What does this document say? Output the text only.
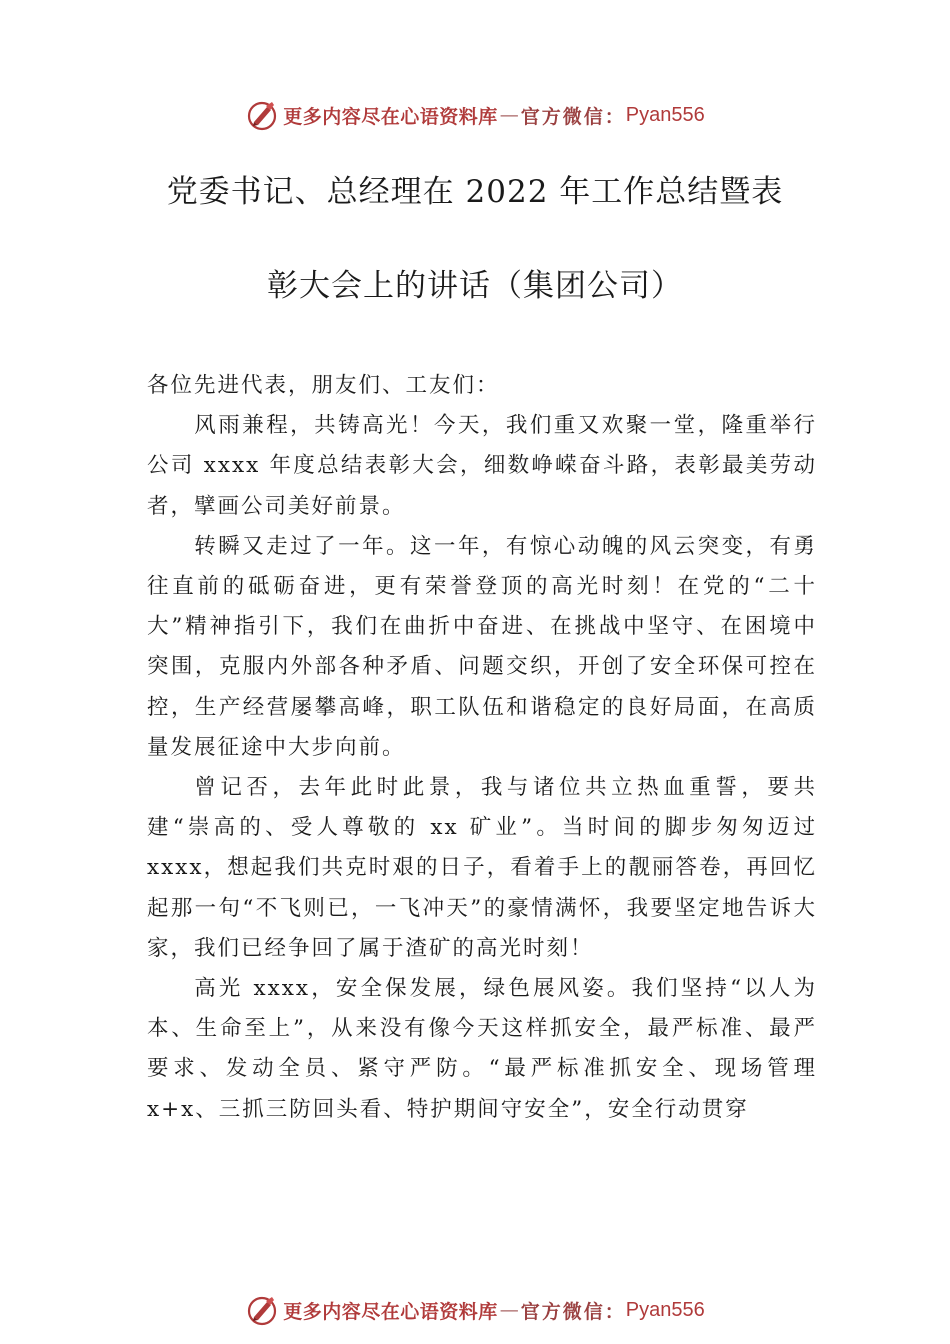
更多内容尽在心语资料库 — 官方微信： Pyan556
党委书记、总经理在 2022 年工作总结暨表
彰大会上的讲话（集团公司）

各位先进代表，朋友们、工友们：

风雨兼程，共铸高光！今天，我们重又欢聚一堂，隆重举行公司 xxxx 年度总结表彰大会，细数峥嵘奋斗路，表彰最美劳动者，擘画公司美好前景。

转瞬又走过了一年。这一年，有惊心动魄的风云突变，有勇往直前的砥砺奋进，更有荣誉登顶的高光时刻！在党的“二十大”精神指引下，我们在曲折中奋进、在挑战中坚守、在困境中突围，克服内外部各种矛盾、问题交织，开创了安全环保可控在控，生产经营屡攀高峰，职工队伍和谐稳定的良好局面，在高质量发展征途中大步向前。

曾记否，去年此时此景，我与诸位共立热血重誓，要共建“崇高的、受人尊敬的 xx 矿业”。当时间的脚步匆匆迈过 xxxx，想起我们共克时艰的日子，看着手上的靓丽答卷，再回忆起那一句“不飞则已，一飞冲天”的豪情满怀，我要坚定地告诉大家，我们已经争回了属于渣矿的高光时刻！

高光 xxxx，安全保发展，绿色展风姿。我们坚持“以人为本、生命至上”，从来没有像今天这样抓安全，最严标准、最严要求、发动全员、紧守严防。“最严标准抓安全、现场管理 x+x、三抓三防回头看、特护期间守安全”，安全行动贯穿

更多内容尽在心语资料库 — 官方微信： Pyan556
